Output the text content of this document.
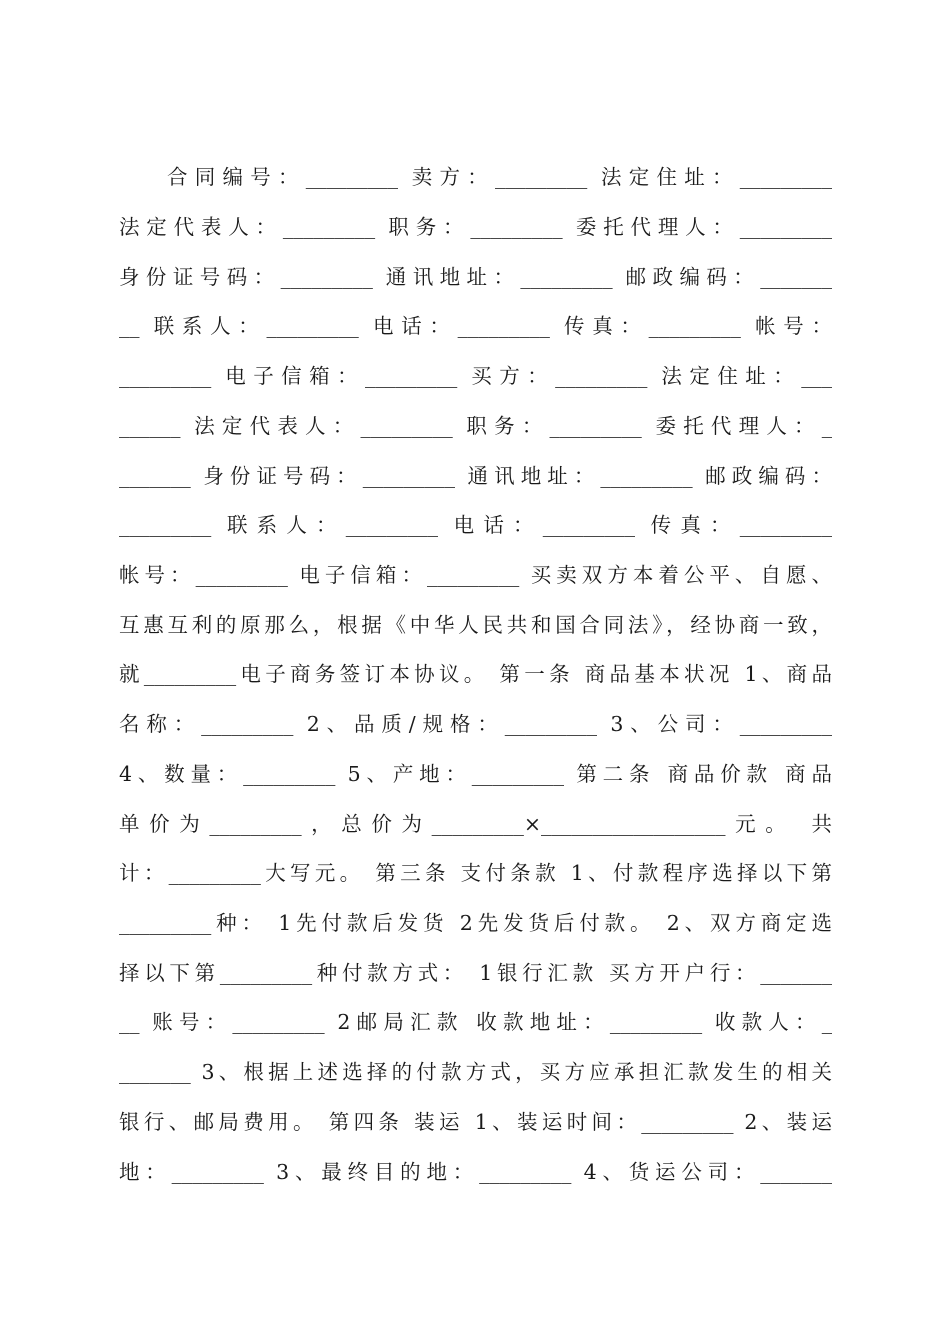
合同编号：_________ 卖方：_________ 法定住址：_________
法定代表人：_________ 职务：_________ 委托代理人：_________
身份证号码：_________ 通讯地址：_________ 邮政编码：_______
__ 联系人：_________ 电话：_________ 传真：_________ 帐号：
_________ 电子信箱：_________ 买方：_________ 法定住址：___
______ 法定代表人：_________ 职务：_________ 委托代理人：_
_______ 身份证号码：_________ 通讯地址：_________ 邮政编码：
_________ 联系人：_________ 电话：_________ 传真：_________
帐号：_________ 电子信箱：_________ 买卖双方本着公平、自愿、
互惠互利的原那么，根据《中华人民共和国合同法》，经协商一致，
就_________电子商务签订本协议。 第一条 商品基本状况 1、商品
名称：_________ 2、品质/规格：_________ 3、公司：_________
4、数量：_________ 5、产地：_________ 第二条 商品价款 商品
单价为_________，总价为_________×__________________元。 共
计：_________大写元。 第三条 支付条款 1、付款程序选择以下第
_________种： 1先付款后发货 2先发货后付款。 2、双方商定选
择以下第_________种付款方式： 1银行汇款 买方开户行：_______
__ 账号：_________ 2邮局汇款 收款地址：_________ 收款人：_
_______ 3、根据上述选择的付款方式，买方应承担汇款发生的相关
银行、邮局费用。 第四条 装运 1、装运时间：_________ 2、装运
地：_________ 3、最终目的地：_________ 4、货运公司：_______
